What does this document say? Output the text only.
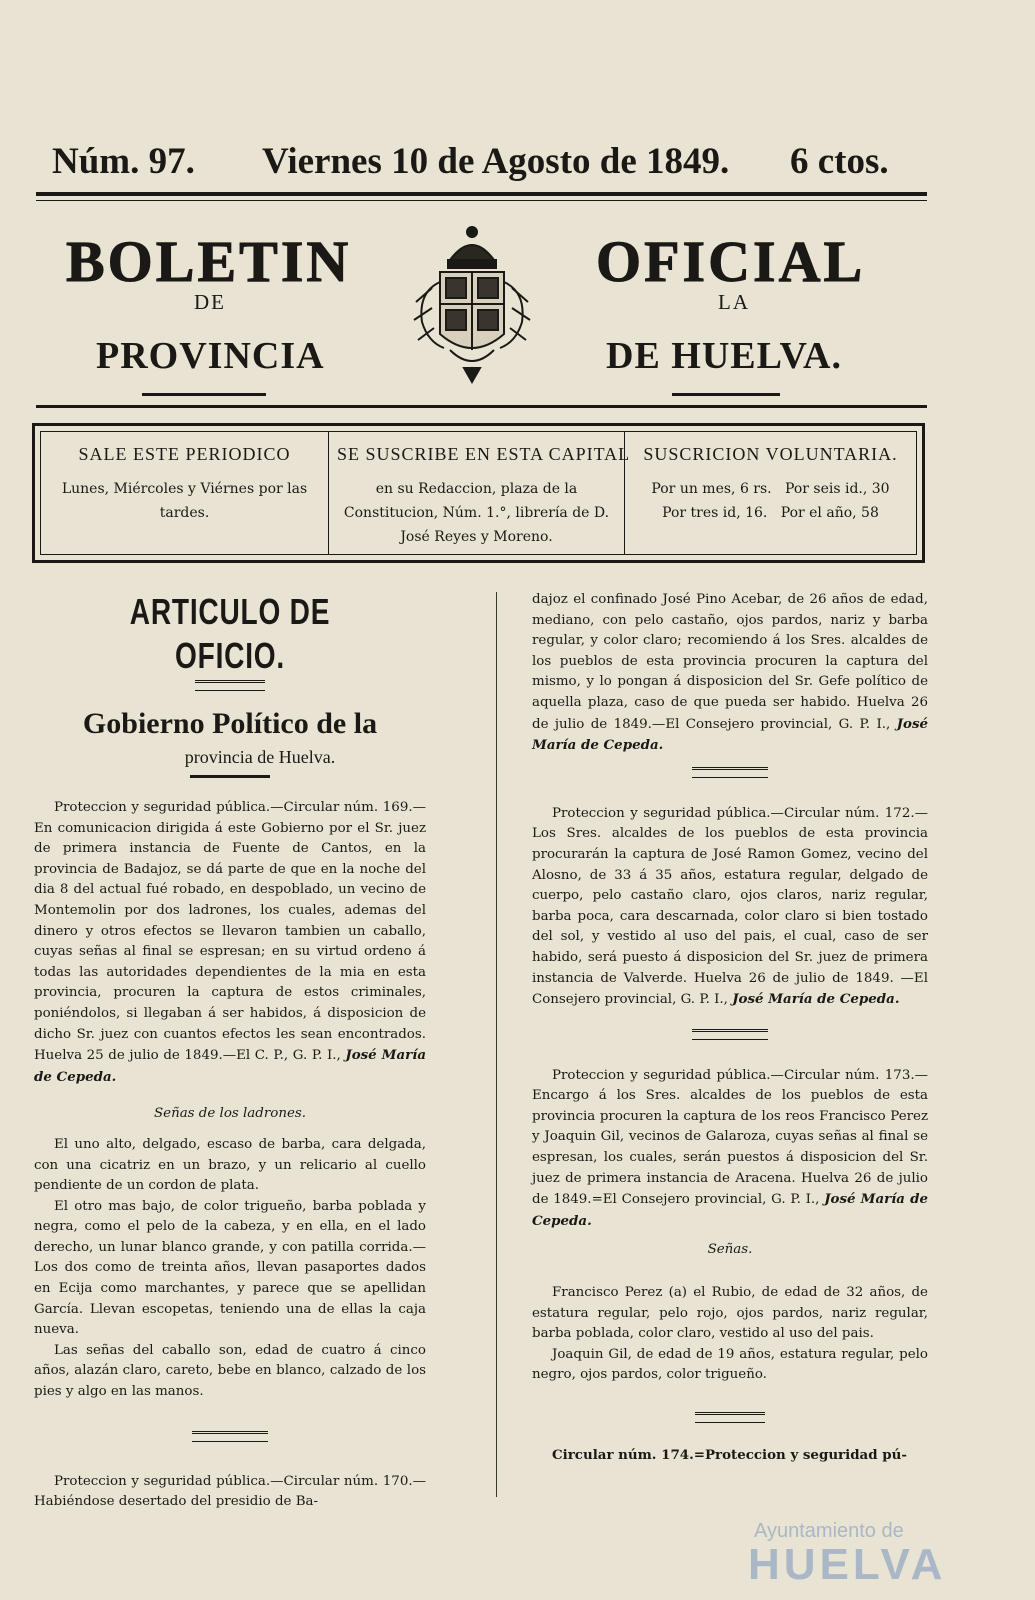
Núm. 97. Viernes 10 de Agosto de 1849. 6 ctos.
BOLETIN	OFICIAL
DE	LA
PROVINCIA	DE HUELVA.
SALE ESTE PERIODICO

Lunes, Miércoles y Viérnes por las tardes.

SE SUSCRIBE EN ESTA CAPITAL

en su Redaccion, plaza de la Constitucion, Núm. 1.°, librería de D. José Reyes y Moreno.

SUSCRICION VOLUNTARIA.

Por un mes, 6 rs.   Por seis id., 30

Por tres id, 16.   Por el año, 58

ARTICULO DE OFICIO.
Gobierno Político de la
provincia de Huelva.

Proteccion y seguridad pública.—Circular núm. 169.—En comunicacion dirigida á este Gobierno por el Sr. juez de primera instancia de Fuente de Cantos, en la provincia de Badajoz, se dá parte de que en la noche del dia 8 del actual fué robado, en despoblado, un vecino de Montemolin por dos ladrones, los cuales, ademas del dinero y otros efectos se llevaron tambien un caballo, cuyas señas al final se espresan; en su virtud ordeno á todas las autoridades dependientes de la mia en esta provincia, procuren la captura de estos criminales, poniéndolos, si llegaban á ser habidos, á disposicion de dicho Sr. juez con cuantos efectos les sean encontrados. Huelva 25 de julio de 1849.—El C. P., G. P. I., José María de Cepeda.

Señas de los ladrones.

El uno alto, delgado, escaso de barba, cara delgada, con una cicatriz en un brazo, y un relicario al cuello pendiente de un cordon de plata.

El otro mas bajo, de color trigueño, barba poblada y negra, como el pelo de la cabeza, y en ella, en el lado derecho, un lunar blanco grande, y con patilla corrida.—Los dos como de treinta años, llevan pasaportes dados en Ecija como marchantes, y parece que se apellidan García. Llevan escopetas, teniendo una de ellas la caja nueva.

Las señas del caballo son, edad de cuatro á cinco años, alazán claro, careto, bebe en blanco, calzado de los pies y algo en las manos.

Proteccion y seguridad pública.—Circular núm. 170.—Habiéndose desertado del presidio de Ba-

dajoz el confinado José Pino Acebar, de 26 años de edad, mediano, con pelo castaño, ojos pardos, nariz y barba regular, y color claro; recomiendo á los Sres. alcaldes de los pueblos de esta provincia procuren la captura del mismo, y lo pongan á disposicion del Sr. Gefe político de aquella plaza, caso de que pueda ser habido. Huelva 26 de julio de 1849.—El Consejero provincial, G. P. I., José María de Cepeda.

Proteccion y seguridad pública.—Circular núm. 172.—Los Sres. alcaldes de los pueblos de esta provincia procurarán la captura de José Ramon Gomez, vecino del Alosno, de 33 á 35 años, estatura regular, delgado de cuerpo, pelo castaño claro, ojos claros, nariz regular, barba poca, cara descarnada, color claro si bien tostado del sol, y vestido al uso del pais, el cual, caso de ser habido, será puesto á disposicion del Sr. juez de primera instancia de Valverde. Huelva 26 de julio de 1849. —El Consejero provincial, G. P. I., José María de Cepeda.

Proteccion y seguridad pública.—Circular núm. 173.—Encargo á los Sres. alcaldes de los pueblos de esta provincia procuren la captura de los reos Francisco Perez y Joaquin Gil, vecinos de Galaroza, cuyas señas al final se espresan, los cuales, serán puestos á disposicion del Sr. juez de primera instancia de Aracena. Huelva 26 de julio de 1849.=El Consejero provincial, G. P. I., José María de Cepeda.

Señas.

Francisco Perez (a) el Rubio, de edad de 32 años, de estatura regular, pelo rojo, ojos pardos, nariz regular, barba poblada, color claro, vestido al uso del pais.

Joaquin Gil, de edad de 19 años, estatura regular, pelo negro, ojos pardos, color trigueño.

Circular núm. 174.=Proteccion y seguridad pú-

Ayuntamiento de
HUELVA
